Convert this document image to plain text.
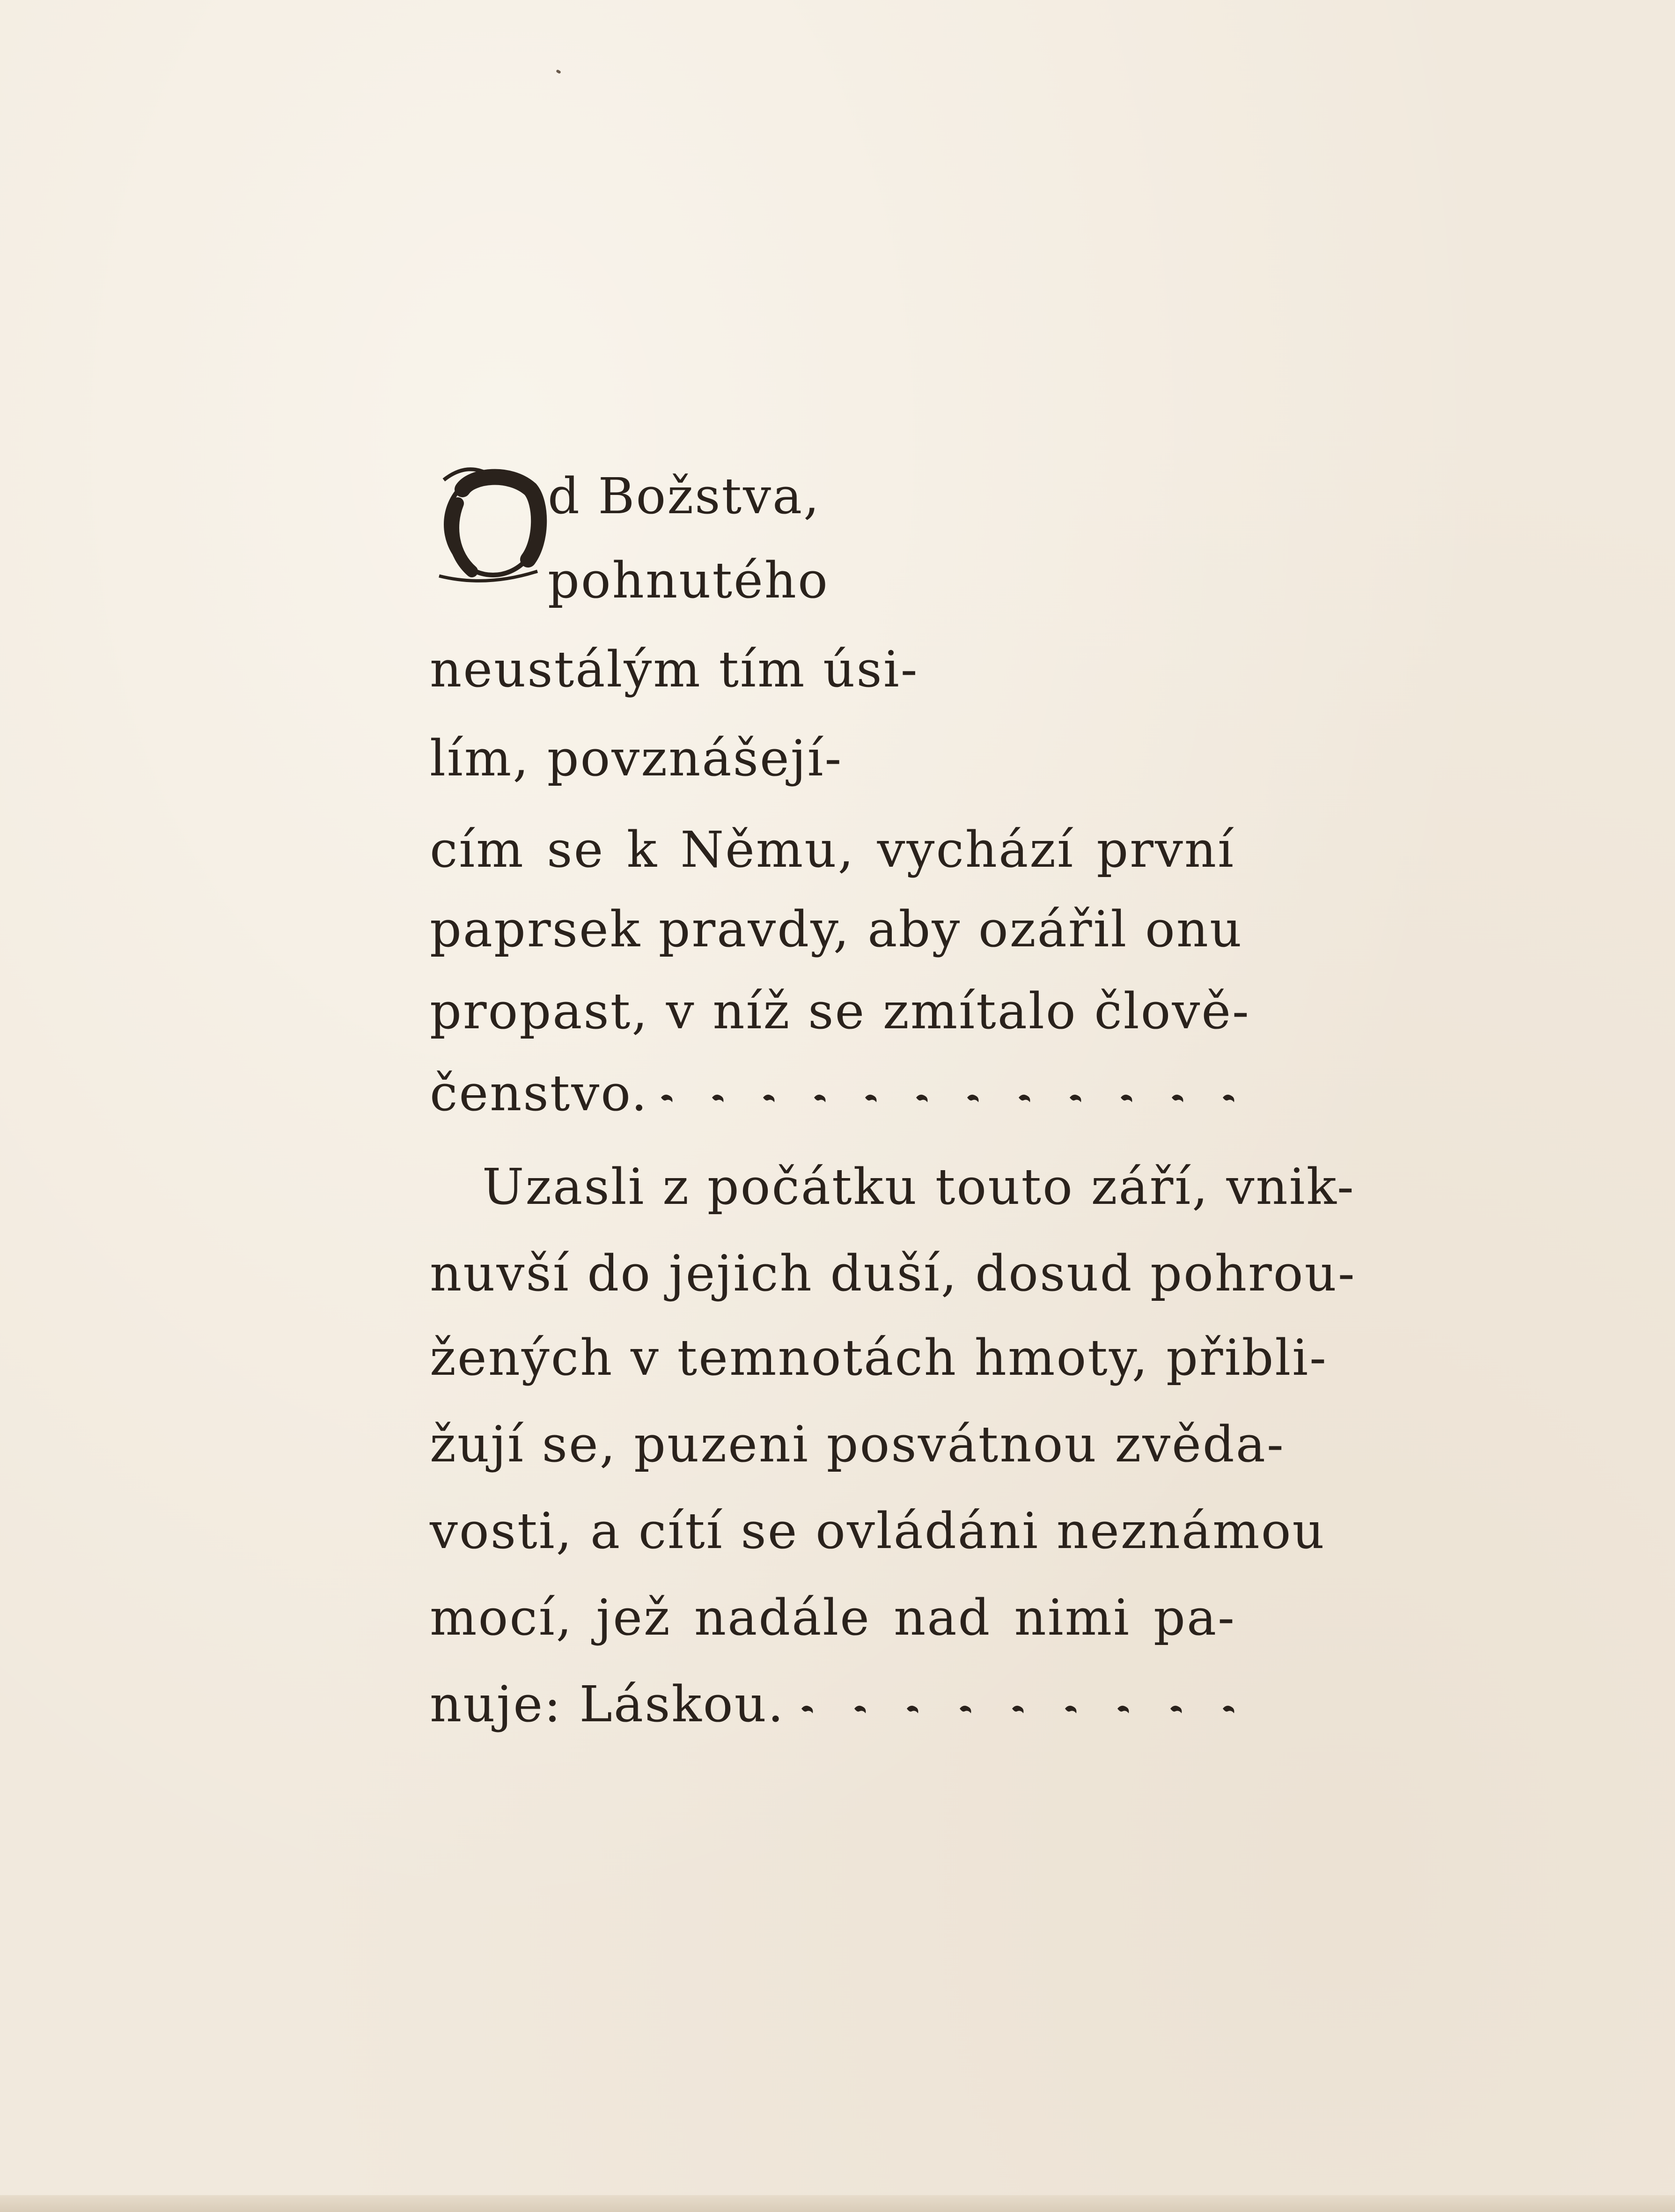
d Božstva,
pohnutého
neustálým tím úsi-
lím, povznášejí-
cím se k Němu, vychází první
paprsek pravdy, aby ozářil onu
propast, v níž se zmítalo člově-
čenstvo.
Uzasli z počátku touto září, vnik-
nuvší do jejich duší, dosud pohrou-
žených v temnotách hmoty, přibli-
žují se, puzeni posvátnou zvěda-
vosti, a cítí se ovládáni neznámou
mocí, jež nadále nad nimi pa-
nuje: Láskou.
